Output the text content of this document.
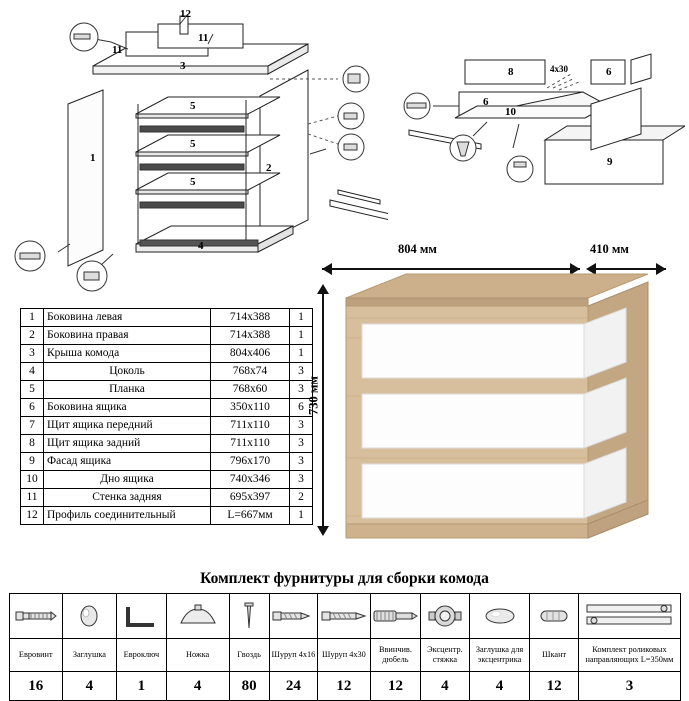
12
11
11
3
5
5
5
1
2
4
8	4x30
6
6
10
9
1	Боковина левая	714x388	1
2	Боковина правая	714x388	1
3	Крыша комода	804x406	1
4	Цоколь	768х74	3
5	Планка	768х60	3
6	Боковина ящика	350х110	6
7	Щит ящика передний	711х110	3
8	Щит ящика задний	711х110	3
9	Фасад ящика	796х170	3
10	Дно ящика	740х346	3
11	Стенка задняя	695х397	2
12	Профиль соединительный	L=667мм	1
804 мм	410 мм
730 мм
Комплект фурнитуры для сборки комода

Евровинт	Заглушка	Евроключ	Ножка	Гвоздь	Шуруп 4х16	Шуруп 4х30	Ввинчив. дюбель	Эксцентр. стяжка	Заглушка для эксцентрика	Шкант	Комплект роликовых направляющих L=350мм
16	4	1	4	80	24	12	12	4	4	12	3
